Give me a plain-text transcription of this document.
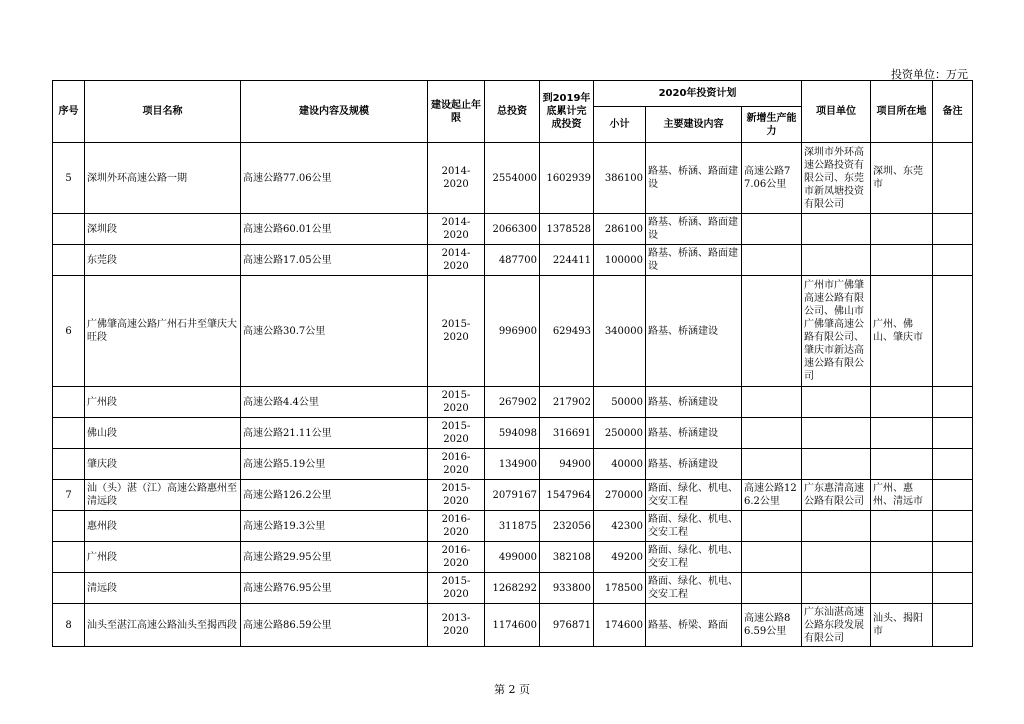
投资单位：万元
序号	项目名称	建设内容及规模	建设起止年限	总投资	到2019年底累计完成投资	2020年投资计划			项目单位	项目所在地	备注
						小计	主要建设内容	新增生产能力			
5	深圳外环高速公路一期	高速公路77.06公里	2014-2020	2554000	1602939	386100	路基、桥涵、路面建设	高速公路77.06公里	深圳市外环高速公路投资有限公司、东莞市新凤塘投资有限公司	深圳、东莞市	
	深圳段	高速公路60.01公里	2014-2020	2066300	1378528	286100	路基、桥涵、路面建设				
	东莞段	高速公路17.05公里	2014-2020	487700	224411	100000	路基、桥涵、路面建设				
6	广佛肇高速公路广州石井至肇庆大旺段	高速公路30.7公里	2015-2020	996900	629493	340000	路基、桥涵建设		广州市广佛肇高速公路有限公司、佛山市广佛肇高速公路有限公司、肇庆市新达高速公路有限公司	广州、佛山、肇庆市	
	广州段	高速公路4.4公里	2015-2020	267902	217902	50000	路基、桥涵建设				
	佛山段	高速公路21.11公里	2015-2020	594098	316691	250000	路基、桥涵建设				
	肇庆段	高速公路5.19公里	2016-2020	134900	94900	40000	路基、桥涵建设				
7	汕（头）湛（江）高速公路惠州至清远段	高速公路126.2公里	2015-2020	2079167	1547964	270000	路面、绿化、机电、交安工程	高速公路126.2公里	广东惠清高速公路有限公司	广州、惠州、清远市	
	惠州段	高速公路19.3公里	2016-2020	311875	232056	42300	路面、绿化、机电、交安工程				
	广州段	高速公路29.95公里	2016-2020	499000	382108	49200	路面、绿化、机电、交安工程				
	清远段	高速公路76.95公里	2015-2020	1268292	933800	178500	路面、绿化、机电、交安工程				
8	汕头至湛江高速公路汕头至揭西段	高速公路86.59公里	2013-2020	1174600	976871	174600	路基、桥梁、路面	高速公路86.59公里	广东汕湛高速公路东段发展有限公司	汕头、揭阳市	
第 2 页
